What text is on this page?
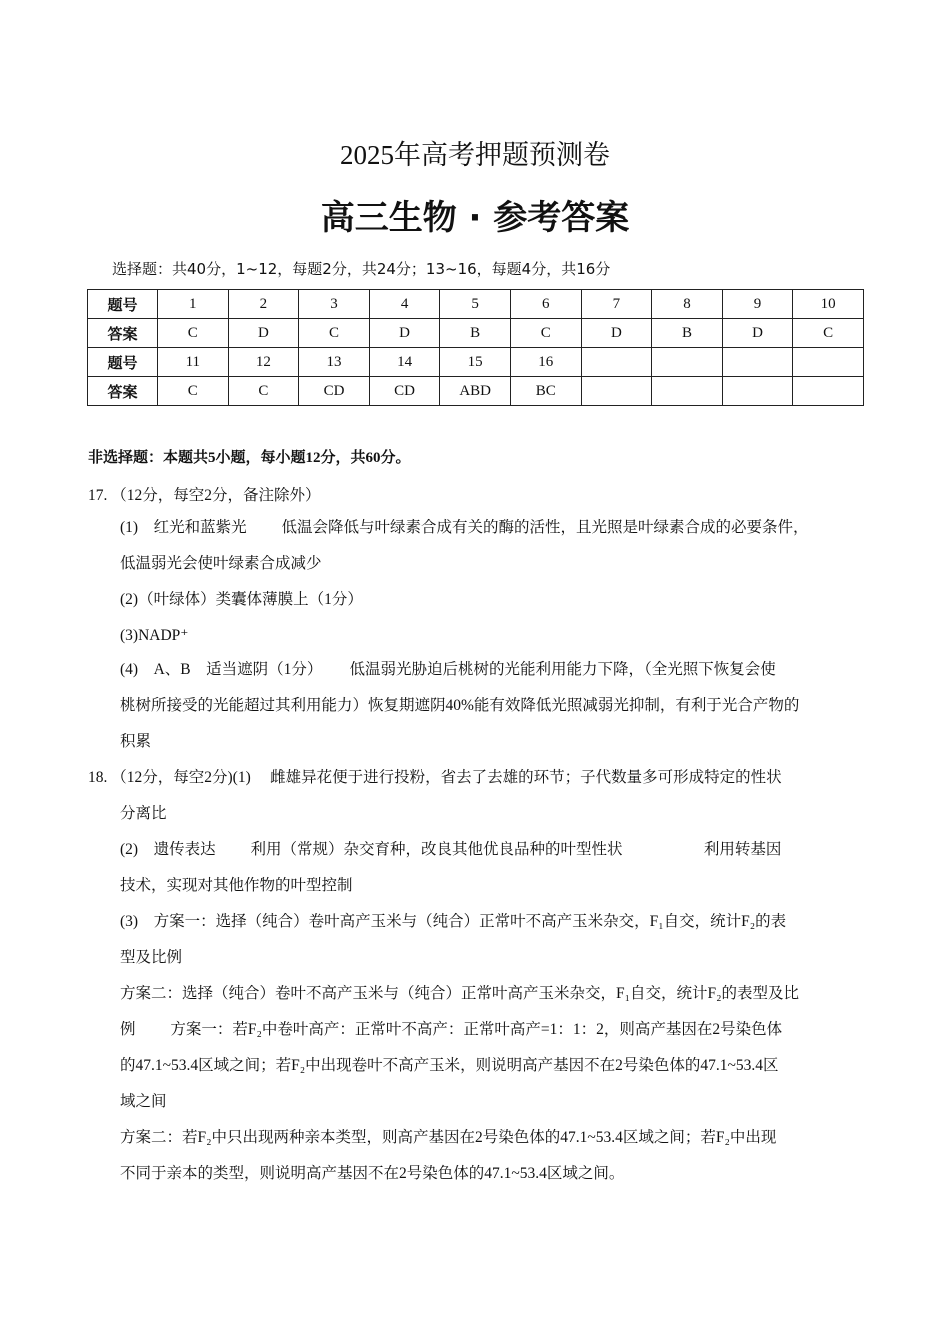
2025年高考押题预测卷
高三生物 · 参考答案
选择题：共40分，1~12，每题2分，共24分；13~16，每题4分，共16分
题号	1	2	3	4	5	6	7	8	9	10
答案	C	D	C	D	B	C	D	B	D	C
题号	11	12	13	14	15	16				
答案	C	C	CD	CD	ABD	BC				
非选择题：本题共5小题，每小题12分，共60分。
17. （12分，每空2分，备注除外）
(1)　红光和蓝紫光　　 低温会降低与叶绿素合成有关的酶的活性，且光照是叶绿素合成的必要条件，
低温弱光会使叶绿素合成减少
(2)（叶绿体）类囊体薄膜上（1分）
(3)NADP⁺
(4)　A、B　适当遮阴（1分）　　 低温弱光胁迫后桃树的光能利用能力下降，（全光照下恢复会使
桃树所接受的光能超过其利用能力）恢复期遮阴40%能有效降低光照减弱光抑制，有利于光合产物的
积累
18. （12分，每空2分)(1)　 雌雄异花便于进行投粉，省去了去雄的环节；子代数量多可形成特定的性状
分离比
(2)　遗传表达　　 利用（常规）杂交育种，改良其他优良品种的叶型性状　　　　　 利用转基因
技术，实现对其他作物的叶型控制
(3)　方案一：选择（纯合）卷叶高产玉米与（纯合）正常叶不高产玉米杂交，F₁自交，统计F₂的表
型及比例
方案二：选择（纯合）卷叶不高产玉米与（纯合）正常叶高产玉米杂交，F₁自交，统计F₂的表型及比
例　　 方案一：若F₂中卷叶高产：正常叶不高产：正常叶高产=1：1：2，则高产基因在2号染色体
的47.1~53.4区域之间；若F₂中出现卷叶不高产玉米，则说明高产基因不在2号染色体的47.1~53.4区
域之间
方案二：若F₂中只出现两种亲本类型，则高产基因在2号染色体的47.1~53.4区域之间；若F₂中出现
不同于亲本的类型，则说明高产基因不在2号染色体的47.1~53.4区域之间。
